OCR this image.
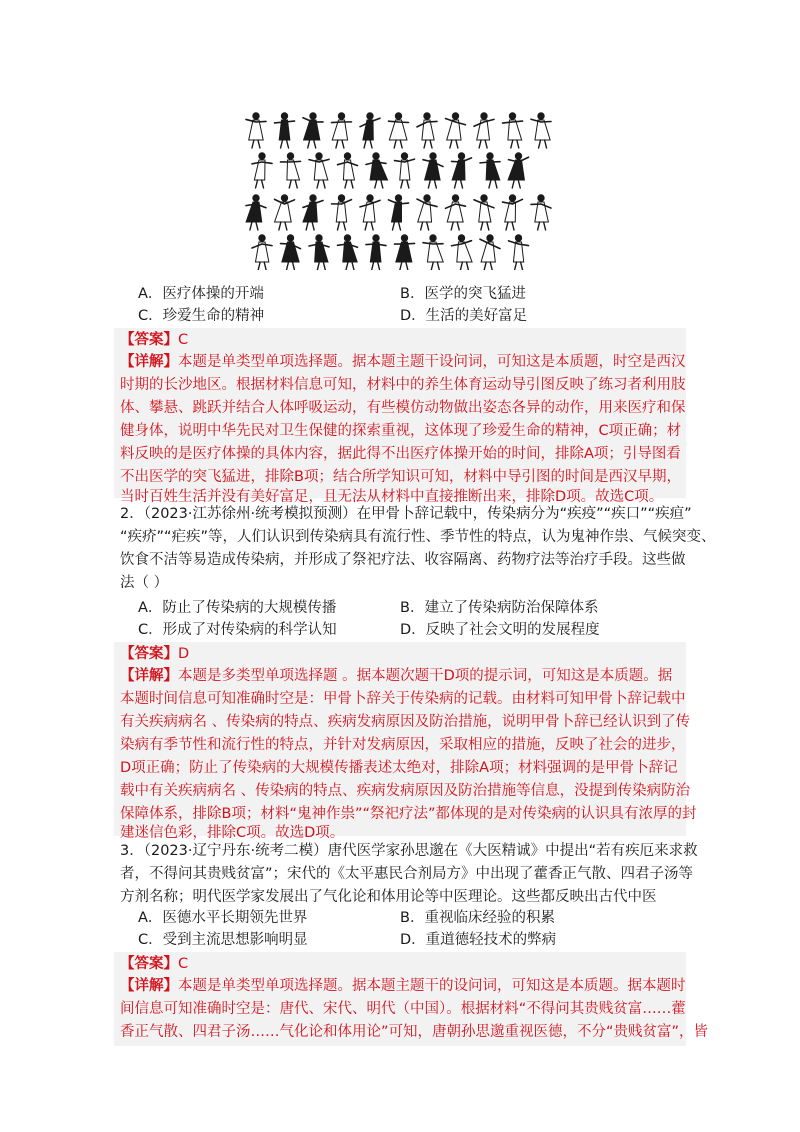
A．医疗体操的开端	B．医学的突飞猛进
C．珍爱生命的精神	D．生活的美好富足
【答案】C
【详解】本题是单类型单项选择题。据本题主题干设问词，可知这是本质题，时空是西汉
时期的长沙地区。根据材料信息可知，材料中的养生体育运动导引图反映了练习者利用肢
体、攀悬、跳跃并结合人体呼吸运动，有些模仿动物做出姿态各异的动作，用来医疗和保
健身体，说明中华先民对卫生保健的探索重视，这体现了珍爱生命的精神，C项正确；材
料反映的是医疗体操的具体内容，据此得不出医疗体操开始的时间，排除A项；引导图看
不出医学的突飞猛进，排除B项；结合所学知识可知，材料中导引图的时间是西汉早期，
当时百姓生活并没有美好富足，且无法从材料中直接推断出来，排除D项。故选C项。
2．（2023·江苏徐州·统考模拟预测）在甲骨卜辞记载中，传染病分为“疾疫”“疾口”“疾疸”
“疾疥”“疟疾”等，人们认识到传染病具有流行性、季节性的特点，认为鬼神作祟、气候突变、
饮食不洁等易造成传染病，并形成了祭祀疗法、收容隔离、药物疗法等治疗手段。这些做
法（ ）
A．防止了传染病的大规模传播	B．建立了传染病防治保障体系
C．形成了对传染病的科学认知	D．反映了社会文明的发展程度
【答案】D
【详解】本题是多类型单项选择题 。据本题次题干D项的提示词，可知这是本质题。据
本题时间信息可知准确时空是：甲骨卜辞关于传染病的记载。由材料可知甲骨卜辞记载中
有关疾病病名 、传染病的特点、疾病发病原因及防治措施，说明甲骨卜辞已经认识到了传
染病有季节性和流行性的特点，并针对发病原因，采取相应的措施，反映了社会的进步，
D项正确；防止了传染病的大规模传播表述太绝对，排除A项；材料强调的是甲骨卜辞记
载中有关疾病病名 、传染病的特点、疾病发病原因及防治措施等信息，没提到传染病防治
保障体系，排除B项；材料“鬼神作祟”“祭祀疗法”都体现的是对传染病的认识具有浓厚的封
建迷信色彩，排除C项。故选D项。
3．（2023·辽宁丹东·统考二模）唐代医学家孙思邈在《大医精诚》中提出“若有疾厄来求救
者，不得问其贵贱贫富”；宋代的《太平惠民合剂局方》中出现了藿香正气散、四君子汤等
方剂名称；明代医学家发展出了气化论和体用论等中医理论。这些都反映出古代中医
A．医德水平长期领先世界	B．重视临床经验的积累
C．受到主流思想影响明显	D．重道德轻技术的弊病
【答案】C
【详解】本题是单类型单项选择题。据本题主题干的设问词，可知这是本质题。据本题时
间信息可知准确时空是：唐代、宋代、明代（中国）。根据材料“不得问其贵贱贫富……藿
香正气散、四君子汤……气化论和体用论”可知，唐朝孙思邈重视医德，不分“贵贱贫富”，皆
